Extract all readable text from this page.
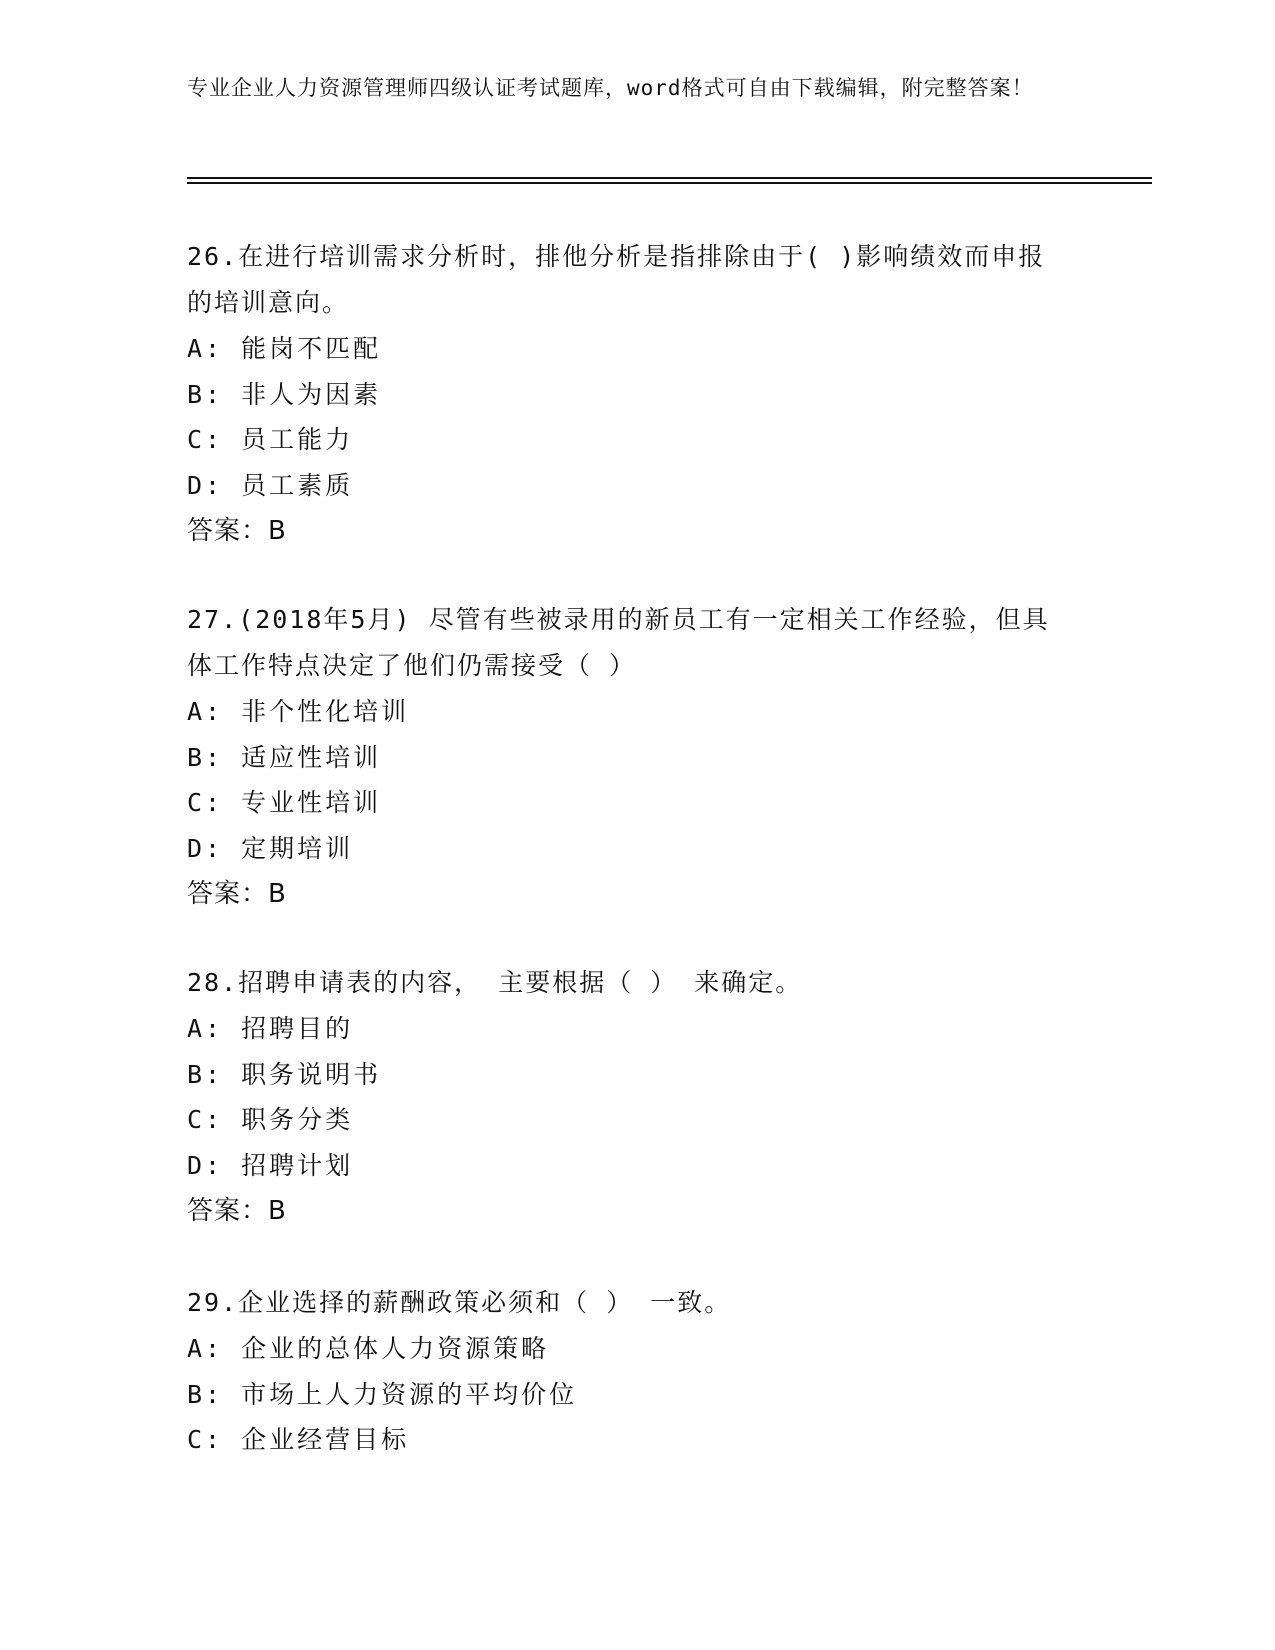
专业企业人力资源管理师四级认证考试题库，word格式可自由下载编辑，附完整答案！
26.在进行培训需求分析时，排他分析是指排除由于( )影响绩效而申报的培训意向。
A: 能岗不匹配
B: 非人为因素
C: 员工能力
D: 员工素质
答案：B
27.(2018年5月) 尽管有些被录用的新员工有一定相关工作经验，但具体工作特点决定了他们仍需接受（ ）
A: 非个性化培训
B: 适应性培训
C: 专业性培训
D: 定期培训
答案：B
28.招聘申请表的内容， 主要根据（ ） 来确定。
A: 招聘目的
B: 职务说明书
C: 职务分类
D: 招聘计划
答案：B
29.企业选择的薪酬政策必须和（ ） 一致。
A: 企业的总体人力资源策略
B: 市场上人力资源的平均价位
C: 企业经营目标
